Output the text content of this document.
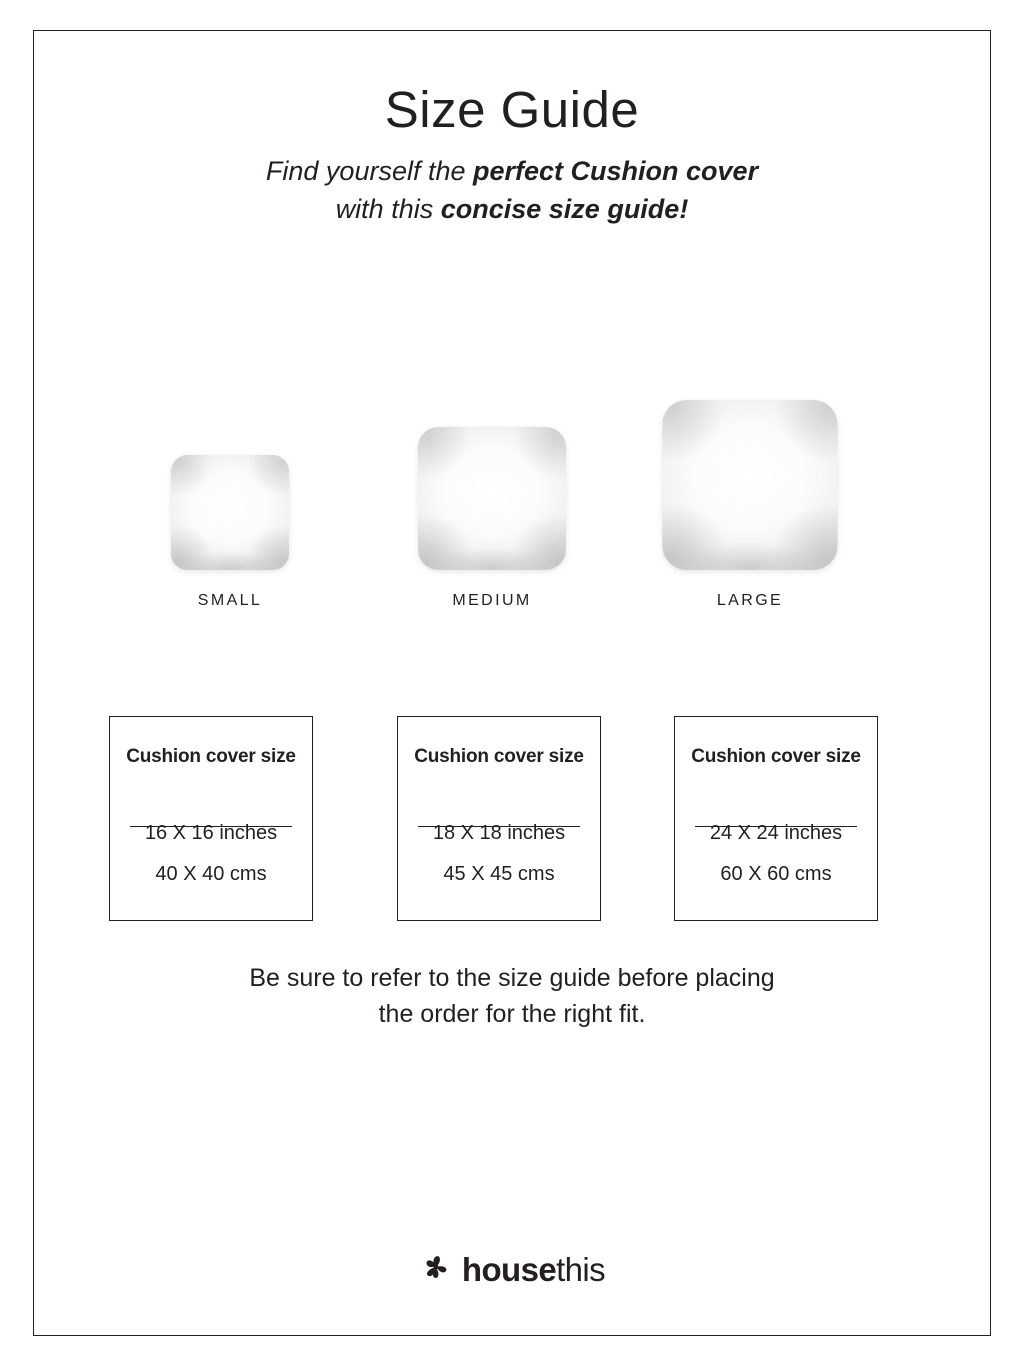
Size Guide
Find yourself the perfect Cushion cover
with this concise size guide!
SMALL	MEDIUM	LARGE
Cushion cover size
16 X 16 inches
40 X 40 cms
Cushion cover size
18 X 18 inches
45 X 45 cms
Cushion cover size
24 X 24 inches
60 X 60 cms
Be sure to refer to the size guide before placing
the order for the right fit.
housethis
